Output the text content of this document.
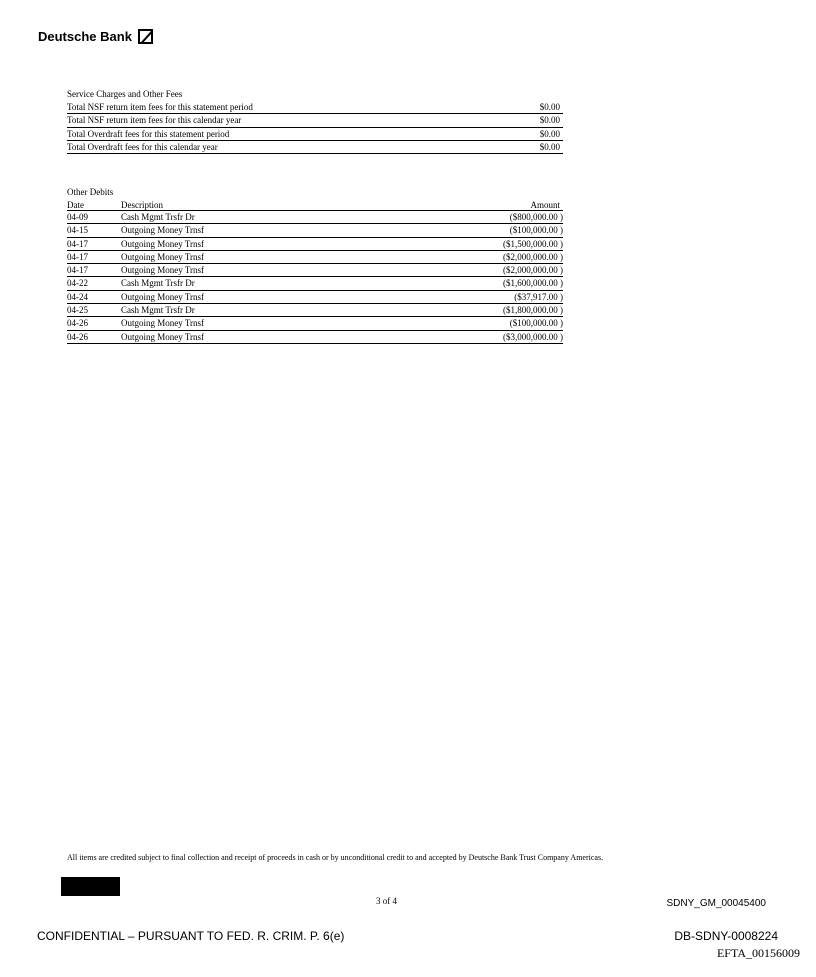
Deutsche Bank
Service Charges and Other Fees
Total NSF return item fees for this statement period	$0.00
Total NSF return item fees for this calendar year	$0.00
Total Overdraft fees for this statement period	$0.00
Total Overdraft fees for this calendar year	$0.00
Other Debits
Date	Description	Amount
04-09	Cash Mgmt Trsfr Dr	($800,000.00 )
04-15	Outgoing Money Trnsf	($100,000.00 )
04-17	Outgoing Money Trnsf	($1,500,000.00 )
04-17	Outgoing Money Trnsf	($2,000,000.00 )
04-17	Outgoing Money Trnsf	($2,000,000.00 )
04-22	Cash Mgmt Trsfr Dr	($1,600,000.00 )
04-24	Outgoing Money Trnsf	($37,917.00 )
04-25	Cash Mgmt Trsfr Dr	($1,800,000.00 )
04-26	Outgoing Money Trnsf	($100,000.00 )
04-26	Outgoing Money Trnsf	($3,000,000.00 )
All items are credited subject to final collection and receipt of proceeds in cash or by unconditional credit to and accepted by Deutsche Bank Trust Company Americas.
3 of 4	SDNY_GM_00045400
CONFIDENTIAL – PURSUANT TO FED. R. CRIM. P. 6(e)	DB-SDNY-0008224
EFTA_00156009
